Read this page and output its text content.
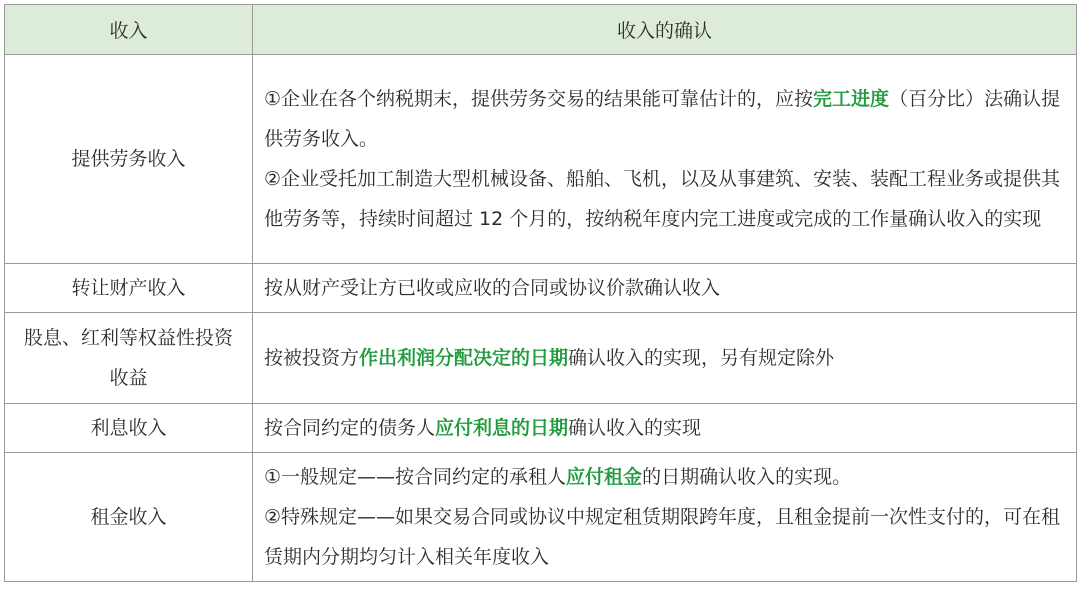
收入	收入的确认
提供劳务收入	①企业在各个纳税期末，提供劳务交易的结果能可靠估计的，应按完工进度（百分比）法确认提供劳务收入。
②企业受托加工制造大型机械设备、船舶、飞机，以及从事建筑、安装、装配工程业务或提供其他劳务等，持续时间超过 12 个月的，按纳税年度内完工进度或完成的工作量确认收入的实现

转让财产收入	按从财产受让方已收或应收的合同或协议价款确认收入

股息、红利等权益性投资收益	按被投资方作出利润分配决定的日期确认收入的实现，另有规定除外

利息收入	按合同约定的债务人应付利息的日期确认收入的实现

租金收入	①一般规定——按合同约定的承租人应付租金的日期确认收入的实现。
②特殊规定——如果交易合同或协议中规定租赁期限跨年度，且租金提前一次性支付的，可在租赁期内分期均匀计入相关年度收入
